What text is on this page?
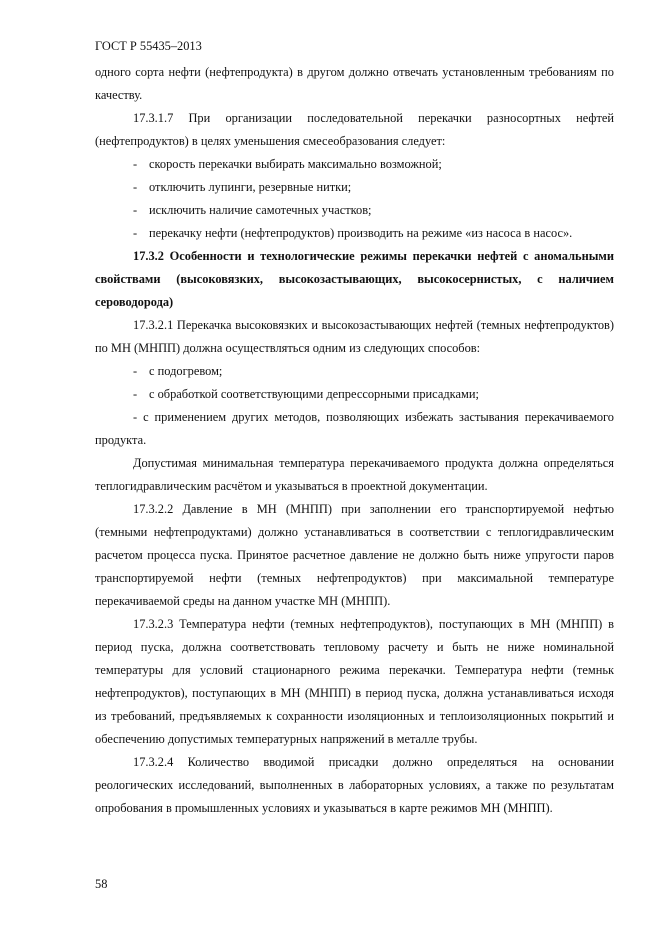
ГОСТ Р 55435–2013

одного сорта нефти (нефтепродукта) в другом должно отвечать установленным требованиям по качеству.

17.3.1.7 При организации последовательной перекачки разносортных нефтей (нефтепродуктов) в целях уменьшения смесеобразования следует:

- скорость перекачки выбирать максимально возможной;
- отключить лупинги, резервные нитки;
- исключить наличие самотечных участков;
- перекачку нефти (нефтепродуктов) производить на режиме «из насоса в насос».

17.3.2 Особенности и технологические режимы перекачки нефтей с аномальными свойствами (высоковязких, высокозастывающих, высокосернистых, с наличием сероводорода)

17.3.2.1 Перекачка высоковязких и высокозастывающих нефтей (темных нефтепродуктов) по МН (МНПП) должна осуществляться одним из следующих способов:

- с подогревом;
- с обработкой соответствующими депрессорными присадками;

- с применением других методов, позволяющих избежать застывания перекачиваемого продукта.

Допустимая минимальная температура перекачиваемого продукта должна определяться теплогидравлическим расчётом и указываться в проектной документации.

17.3.2.2 Давление в МН (МНПП) при заполнении его транспортируемой нефтью (темными нефтепродуктами) должно устанавливаться в соответствии с теплогидравлическим расчетом процесса пуска. Принятое расчетное давление не должно быть ниже упругости паров транспортируемой нефти (темных нефтепродуктов) при максимальной температуре перекачиваемой среды на данном участке МН (МНПП).

17.3.2.3 Температура нефти (темных нефтепродуктов), поступающих в МН (МНПП) в период пуска, должна соответствовать тепловому расчету и быть не ниже номинальной температуры для условий стационарного режима перекачки. Температура нефти (темньк нефтепродуктов), поступающих в МН (МНПП) в период пуска, должна устанавливаться исходя из требований, предъявляемых к сохранности изоляционных и теплоизоляционных покрытий и обеспечению допустимых температурных напряжений в металле трубы.

17.3.2.4 Количество вводимой присадки должно определяться на основании реологических исследований, выполненных в лабораторных условиях, а также по результатам опробования в промышленных условиях и указываться в карте режимов МН (МНПП).

58
